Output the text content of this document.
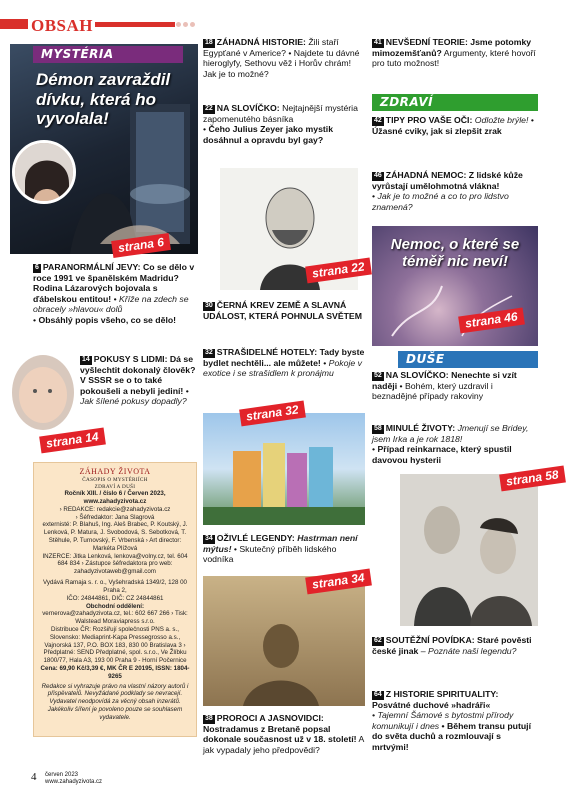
OBSAH
MYSTÉRIA
Démon zavraždil dívku, která ho vyvolala!
strana 6
6 PARANORMÁLNÍ JEVY: Co se dělo v roce 1991 ve španělském Madridu? Rodina Lázarových bojovala s ďábelskou entitou! • Kříže na zdech se obracely »hlavou« dolů
• Obsáhlý popis všeho, co se dělo!
strana 14
14 POKUSY S LIDMI: Dá se vyšlechtit dokonalý člověk? V SSSR se o to také pokoušeli a nebyli jediní! • Jak šílené pokusy dopadly?
ZÁHADY ŽIVOTA
ČASOPIS O MYSTÉRIÍCH
ZDRAVÍ A DUŠI
Ročník XIII. / číslo 6 / Červen 2023,
www.zahadyzivota.cz
› REDAKCE: redakcie@zahadyzivota.cz
› Šéfredaktor: Jana Slagrová
externisté: P. Blahuš, Ing. Aleš Brabec, P. Koutský, J. Lenková, P. Matura, J. Svobodová, S. Sebotková, T. Stěhule, P. Turnovský, F. Vrbenská › Art director: Markéta Plížová
INZERCE: Jitka Lenková, lenkova@volny.cz, tel. 604 684 834 › Zástupce šéfredaktora pro web: zahadyzivotaweb@gmail.com
Vydává Ramaja s. r. o., Vyšehradská 1349/2, 128 00 Praha 2,
IČO: 24844861, DIČ: CZ 24844861
Obchodní oddělení:
vernerova@zahadyzivota.cz, tel.: 602 667 266 › Tisk: Walstead Moraviapress s.r.o.
Distribuce ČR: Rozšiřují společnosti PNS a. s.,
Slovensko: Mediaprint-Kapa Pressegrosso a.s., Vajnorská 137, P.O. BOX 183, 830 00 Bratislava 3 › Předplatné: SEND Předplatné, spol. s.r.o., Ve Žlíbku 1800/77, Hala A3, 193 00 Praha 9 - Horní Počernice
Cena: 69,90 Kč/3,39 €, MK ČR E 20195, ISSN: 1804-9265
Redakce si vyhrazuje právo na vlastní názory autorů i přispěvatelů. Nevyžádané podklady se nevracejí. Vydavatel neodpovídá za věcný obsah inzerátů. Jakékoliv šíření je povoleno pouze se souhlasem vydavatele.
18 ZÁHADNÁ HISTORIE: Žili staří Egypťané v Americe? • Najdete tu dávné hieroglyfy, Sethovu věž i Horův chrám! Jak je to možné?
22 NA SLOVÍČKO: Nejtajnější mystéria zapomenutého básníka
• Čeho Julius Zeyer jako mystik dosáhnul a opravdu byl gay?
strana 22
30 ČERNÁ KREV ZEMĚ A SLAVNÁ UDÁLOST, KTERÁ POHNULA SVĚTEM
32 STRAŠIDELNÉ HOTELY: Tady byste bydlet nechtěli... ale můžete! • Pokoje v exotice i se strašidlem k pronájmu
strana 32
34 OŽIVLÉ LEGENDY: Hastrman není mýtus! • Skutečný příběh lidského vodníka
strana 34
38 PROROCI A JASNOVIDCI: Nostradamus z Bretaně popsal dokonale současnost už v 18. století! A jak vypadaly jeho předpovědi?
41 NEVŠEDNÍ TEORIE: Jsme potomky mimozemšťanů? Argumenty, které hovoří pro tuto možnost!
ZDRAVÍ
42 TIPY PRO VAŠE OČI: Odložte brýle! • Úžasné cviky, jak si zlepšit zrak
46 ZÁHADNÁ NEMOC: Z lidské kůže vyrůstají umělohmotná vlákna!
• Jak je to možné a co to pro lidstvo znamená?
Nemoc, o které se téměř nic neví!
strana 46
DUŠE
52 NA SLOVÍČKO: Nenechte si vzít naději • Bohém, který uzdravil i beznadějné případy rakoviny
58 MINULÉ ŽIVOTY: Jmenují se Bridey, jsem Irka a je rok 1818!
• Případ reinkarnace, který spustil davovou hysterii
strana 58
62 SOUTĚŽNÍ POVÍDKA: Staré pověsti české jinak – Poznáte naši legendu?
64 Z HISTORIE SPIRITUALITY: Posvátné duchové »hadráři«
• Tajemní Šámové s bytostmi přírody komunikují i dnes • Během transu putují do světa duchů a rozmlouvají s mrtvými!
4 červen 2023
www.zahadyzivota.cz
